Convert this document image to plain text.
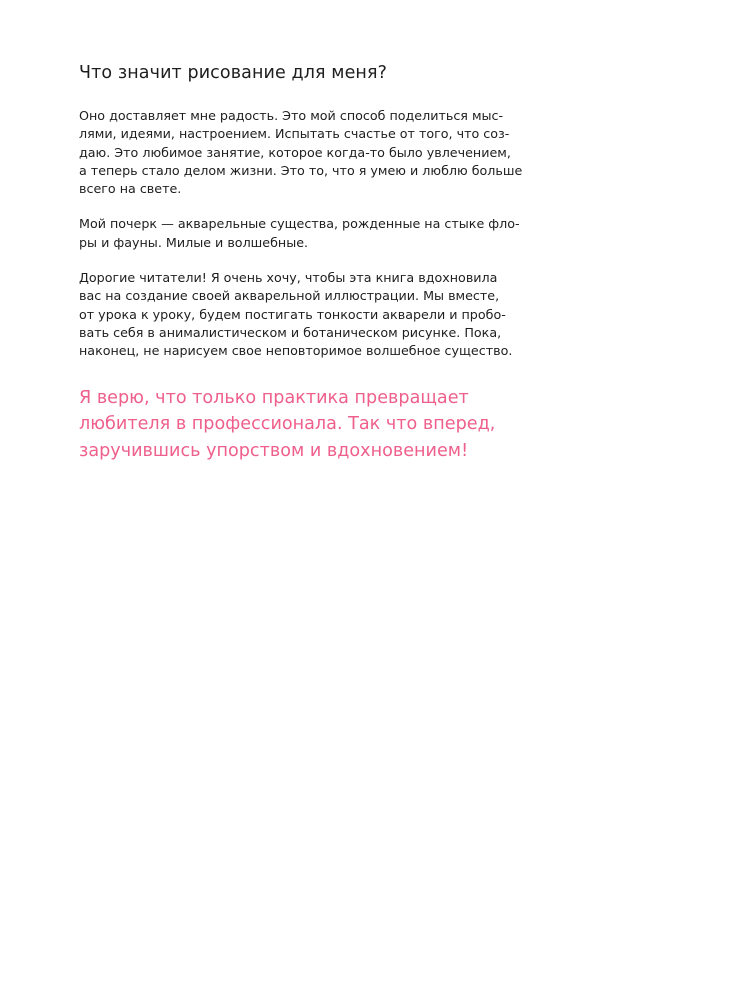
Что значит рисование для меня?
Оно доставляет мне радость. Это мой способ поделиться мыс-
лями, идеями, настроением. Испытать счастье от того, что соз-
даю. Это любимое занятие, которое когда-то было увлечением,
а теперь стало делом жизни. Это то, что я умею и люблю больше
всего на свете.
Мой почерк — акварельные существа, рожденные на стыке фло-
ры и фауны. Милые и волшебные.
Дорогие читатели! Я очень хочу, чтобы эта книга вдохновила
вас на создание своей акварельной иллюстрации. Мы вместе,
от урока к уроку, будем постигать тонкости акварели и пробо-
вать себя в анималистическом и ботаническом рисунке. Пока,
наконец, не нарисуем свое неповторимое волшебное существо.
Я верю, что только практика превращает
любителя в профессионала. Так что вперед,
заручившись упорством и вдохновением!
